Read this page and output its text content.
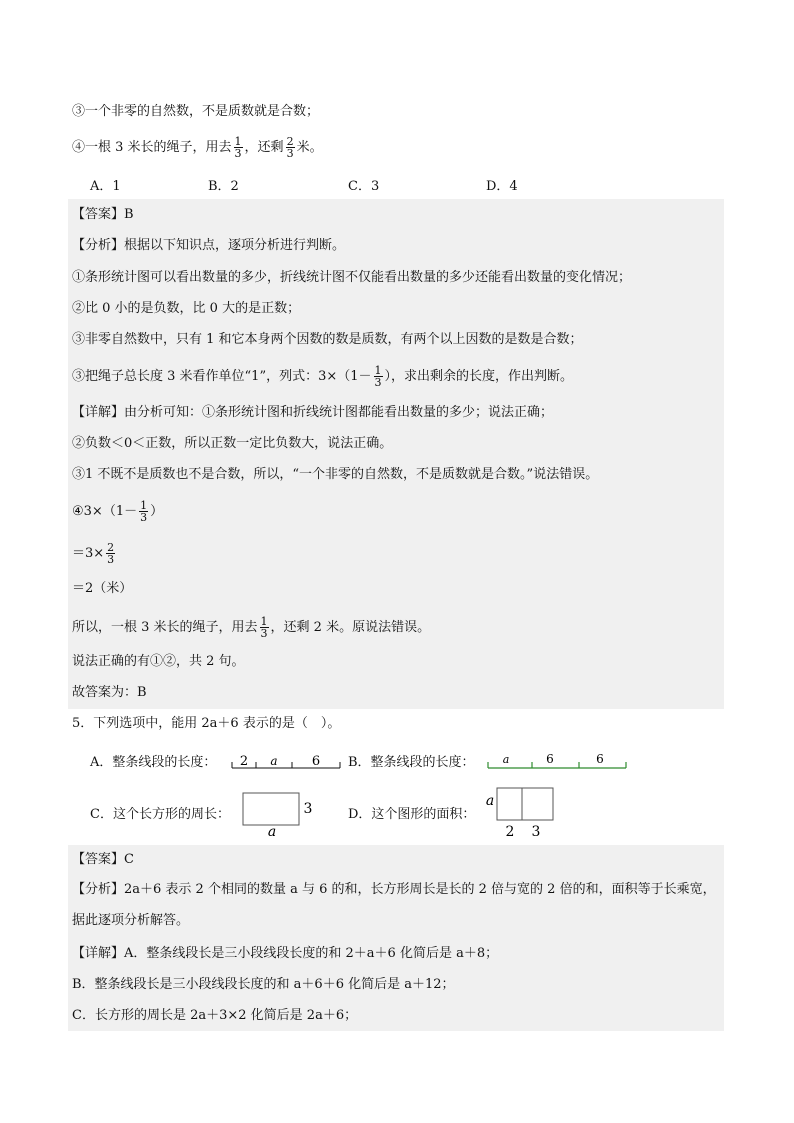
③一个非零的自然数，不是质数就是合数；
④一根 3 米长的绳子，用去 $\frac{1}{3}$ ，还剩 $\frac{2}{3}$ 米。
A．1	B．2	C．3	D．4
【答案】B
【分析】根据以下知识点，逐项分析进行判断。
①条形统计图可以看出数量的多少，折线统计图不仅能看出数量的多少还能看出数量的变化情况；
②比 0 小的是负数，比 0 大的是正数；
③非零自然数中，只有 1 和它本身两个因数的数是质数，有两个以上因数的是数是合数；
③把绳子总长度 3 米看作单位“1”，列式：$3\times(1- \frac{1}{3}$ ），求出剩余的长度，作出判断。
【详解】由分析可知：①条形统计图和折线统计图都能看出数量的多少；说法正确；
②负数＜0＜正数，所以正数一定比负数大，说法正确。
③1 不既不是质数也不是合数，所以，“一个非零的自然数，不是质数就是合数。”说法错误。
④3×（1－ $\frac{1}{3}$ ）
$=3\times \frac{2}{3}$
＝2（米）
所以，一根 3 米长的绳子，用去 $\frac{1}{3}$ ，还剩 2 米。原说法错误。
说法正确的有①②，共 2 句。
故答案为：B
5．下列选项中，能用 2a＋6 表示的是（　）。
A．整条线段的长度： 2 a	6 B．整条线段的长度：	a	6	6
C．这个长方形的周长：	3
a
D．这个图形的面积：
a
2 3
【答案】C
【分析】2a＋6 表示 2 个相同的数量 a 与 6 的和，长方形周长是长的 2 倍与宽的 2 倍的和，面积等于长乘宽，
据此逐项分析解答。
【详解】A．整条线段长是三小段线段长度的和 2＋a＋6 化简后是 a＋8；
B．整条线段长是三小段线段长度的和 a＋6＋6 化简后是 a＋12；
C．长方形的周长是 2a＋3×2 化简后是 2a＋6；
